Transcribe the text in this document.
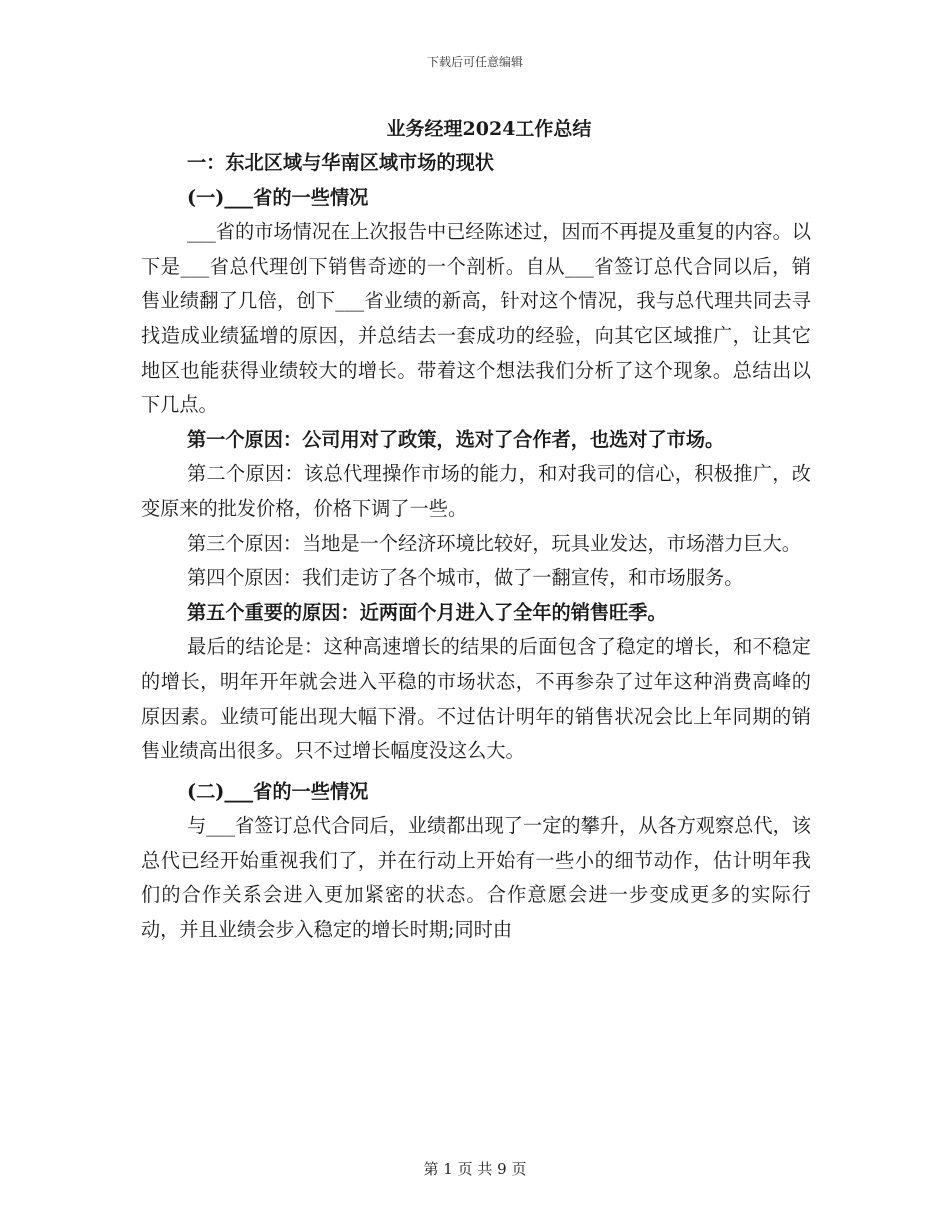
下载后可任意编辑

业务经理2024工作总结

一：东北区域与华南区域市场的现状

(一)___省的一些情况

___省的市场情况在上次报告中已经陈述过，因而不再提及重复的内容。以下是___省总代理创下销售奇迹的一个剖析。自从___省签订总代合同以后，销售业绩翻了几倍，创下___省业绩的新高，针对这个情况，我与总代理共同去寻找造成业绩猛增的原因，并总结去一套成功的经验，向其它区域推广，让其它地区也能获得业绩较大的增长。带着这个想法我们分析了这个现象。总结出以下几点。

第一个原因：公司用对了政策，选对了合作者，也选对了市场。

第二个原因：该总代理操作市场的能力，和对我司的信心，积极推广，改变原来的批发价格，价格下调了一些。

第三个原因：当地是一个经济环境比较好，玩具业发达，市场潜力巨大。

第四个原因：我们走访了各个城市，做了一翻宣传，和市场服务。

第五个重要的原因：近两面个月进入了全年的销售旺季。

最后的结论是：这种高速增长的结果的后面包含了稳定的增长，和不稳定的增长，明年开年就会进入平稳的市场状态，不再参杂了过年这种消费高峰的原因素。业绩可能出现大幅下滑。不过估计明年的销售状况会比上年同期的销售业绩高出很多。只不过增长幅度没这么大。

(二)___省的一些情况

与___省签订总代合同后，业绩都出现了一定的攀升，从各方观察总代，该总代已经开始重视我们了，并在行动上开始有一些小的细节动作，估计明年我们的合作关系会进入更加紧密的状态。合作意愿会进一步变成更多的实际行动，并且业绩会步入稳定的增长时期;同时由

第 1 页 共 9 页
